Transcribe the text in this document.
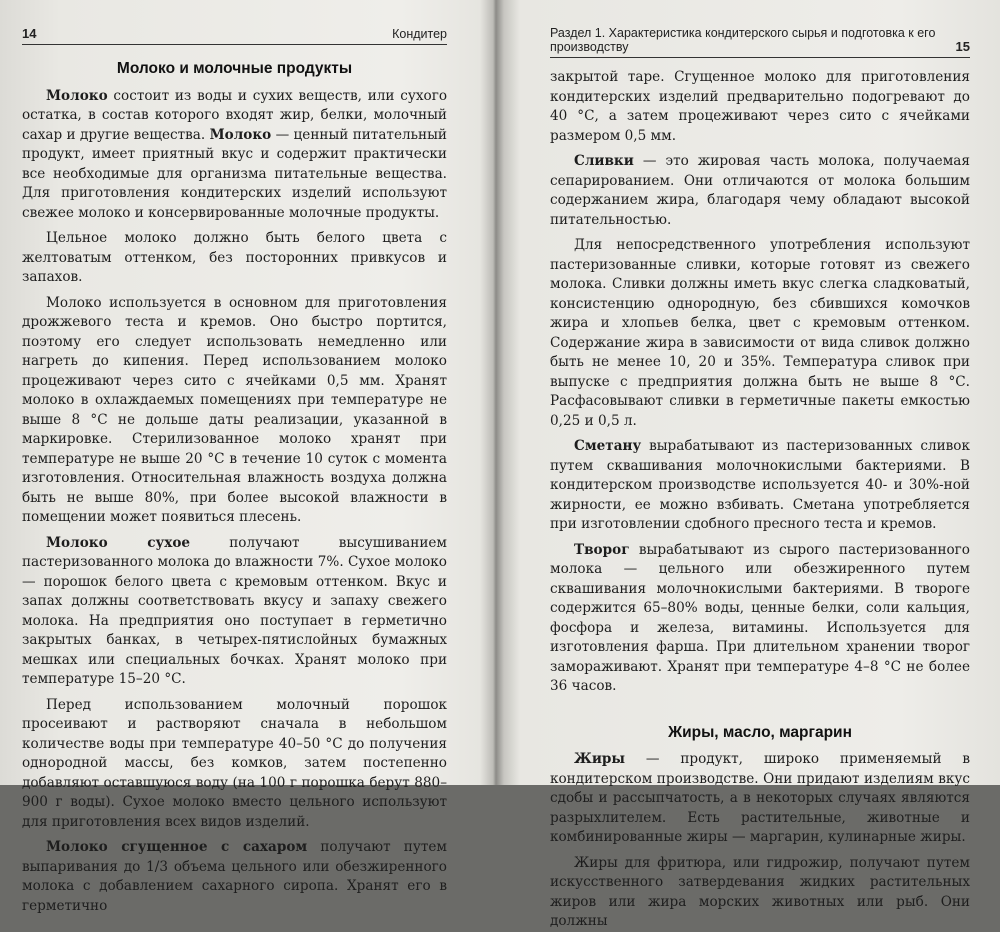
14	Кондитер
Молоко и молочные продукты

Молоко состоит из воды и сухих веществ, или сухого остатка, в состав которого входят жир, белки, молочный сахар и другие вещества. Молоко — ценный питательный продукт, имеет приятный вкус и содержит практически все необходимые для организма питательные вещества. Для приготовления кондитерских изделий используют свежее молоко и консервированные молочные продукты.

Цельное молоко должно быть белого цвета с желтоватым оттенком, без посторонних привкусов и запахов.

Молоко используется в основном для приготовления дрожжевого теста и кремов. Оно быстро портится, поэтому его следует использовать немедленно или нагреть до кипения. Перед использованием молоко процеживают через сито с ячейками 0,5 мм. Хранят молоко в охлаждаемых помещениях при температуре не выше 8 °С не дольше даты реализации, указанной в маркировке. Стерилизованное молоко хранят при температуре не выше 20 °С в течение 10 суток с момента изготовления. Относительная влажность воздуха должна быть не выше 80%, при более высокой влажности в помещении может появиться плесень.

Молоко сухое получают высушиванием пастеризованного молока до влажности 7%. Сухое молоко — порошок белого цвета с кремовым оттенком. Вкус и запах должны соответствовать вкусу и запаху свежего молока. На предприятия оно поступает в герметично закрытых банках, в четырех-пятислойных бумажных мешках или специальных бочках. Хранят молоко при температуре 15–20 °С.

Перед использованием молочный порошок просеивают и растворяют сначала в небольшом количестве воды при температуре 40–50 °С до получения однородной массы, без комков, затем постепенно добавляют оставшуюся воду (на 100 г порошка берут 880–900 г воды). Сухое молоко вместо цельного используют для приготовления всех видов изделий.

Молоко сгущенное с сахаром получают путем выпаривания до 1/3 объема цельного или обезжиренного молока с добавлением сахарного сиропа. Хранят его в герметично

Раздел 1. Характеристика кондитерского сырья и подготовка к его производству	15

закрытой таре. Сгущенное молоко для приготовления кондитерских изделий предварительно подогревают до 40 °С, а затем процеживают через сито с ячейками размером 0,5 мм.

Сливки — это жировая часть молока, получаемая сепарированием. Они отличаются от молока большим содержанием жира, благодаря чему обладают высокой питательностью.

Для непосредственного употребления используют пастеризованные сливки, которые готовят из свежего молока. Сливки должны иметь вкус слегка сладковатый, консистенцию однородную, без сбившихся комочков жира и хлопьев белка, цвет с кремовым оттенком. Содержание жира в зависимости от вида сливок должно быть не менее 10, 20 и 35%. Температура сливок при выпуске с предприятия должна быть не выше 8 °С. Расфасовывают сливки в герметичные пакеты емкостью 0,25 и 0,5 л.

Сметану вырабатывают из пастеризованных сливок путем сквашивания молочнокислыми бактериями. В кондитерском производстве используется 40- и 30%-ной жирности, ее можно взбивать. Сметана употребляется при изготовлении сдобного пресного теста и кремов.

Творог вырабатывают из сырого пастеризованного молока — цельного или обезжиренного путем сквашивания молочнокислыми бактериями. В твороге содержится 65–80% воды, ценные белки, соли кальция, фосфора и железа, витамины. Используется для изготовления фарша. При длительном хранении творог замораживают. Хранят при температуре 4–8 °С не более 36 часов.

Жиры, масло, маргарин

Жиры — продукт, широко применяемый в кондитерском производстве. Они придают изделиям вкус сдобы и рассыпчатость, а в некоторых случаях являются разрыхлителем. Есть растительные, животные и комбинированные жиры — маргарин, кулинарные жиры.

Жиры для фритюра, или гидрожир, получают путем искусственного затвердевания жидких растительных жиров или жира морских животных или рыб. Они должны
